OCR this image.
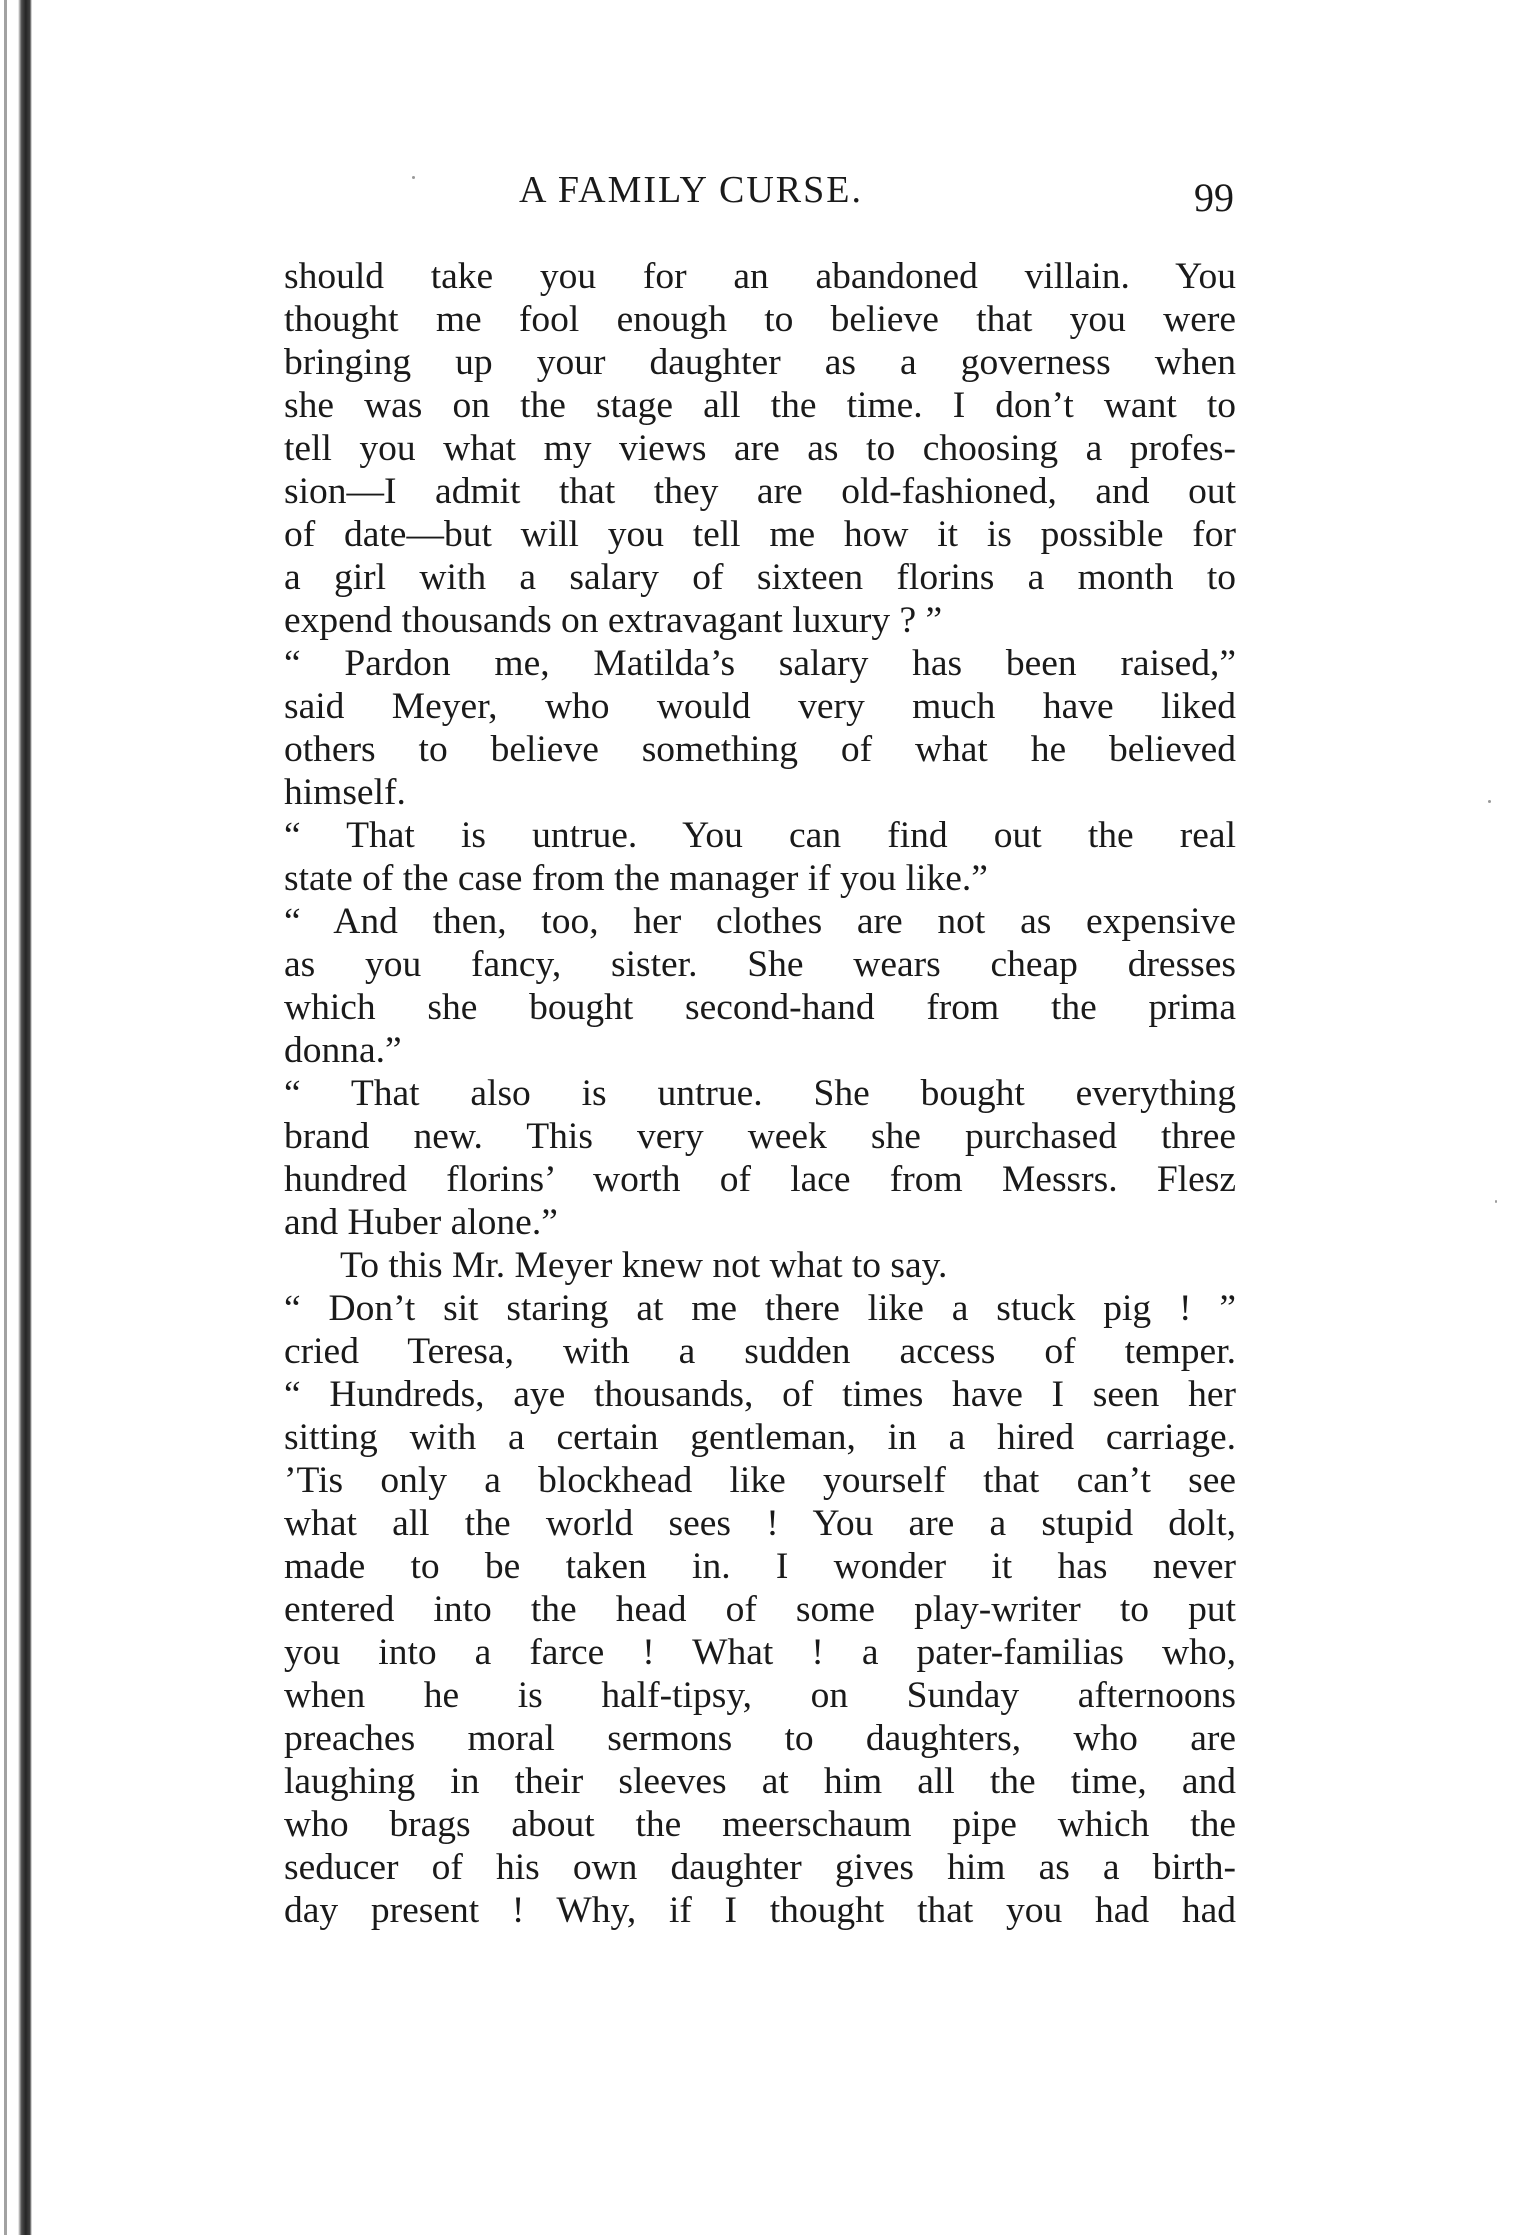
A FAMILY CURSE.	99
should take you for an abandoned villain. You
thought me fool enough to believe that you were
bringing up your daughter as a governess when
she was on the stage all the time. I don’t want to
tell you what my views are as to choosing a profes-
sion—I admit that they are old-fashioned, and out
of date—but will you tell me how it is possible for
a girl with a salary of sixteen florins a month to
expend thousands on extravagant luxury ? ”
“ Pardon me, Matilda’s salary has been raised,”
said Meyer, who would very much have liked
others to believe something of what he believed
himself.
“ That is untrue. You can find out the real
state of the case from the manager if you like.”
“ And then, too, her clothes are not as expensive
as you fancy, sister. She wears cheap dresses
which she bought second-hand from the prima
donna.”
“ That also is untrue. She bought everything
brand new. This very week she purchased three
hundred florins’ worth of lace from Messrs. Flesz
and Huber alone.”
To this Mr. Meyer knew not what to say.
“ Don’t sit staring at me there like a stuck pig ! ”
cried Teresa, with a sudden access of temper.
“ Hundreds, aye thousands, of times have I seen her
sitting with a certain gentleman, in a hired carriage.
’Tis only a blockhead like yourself that can’t see
what all the world sees ! You are a stupid dolt,
made to be taken in. I wonder it has never
entered into the head of some play-writer to put
you into a farce ! What ! a pater-familias who,
when he is half-tipsy, on Sunday afternoons
preaches moral sermons to daughters, who are
laughing in their sleeves at him all the time, and
who brags about the meerschaum pipe which the
seducer of his own daughter gives him as a birth-
day present ! Why, if I thought that you had had
